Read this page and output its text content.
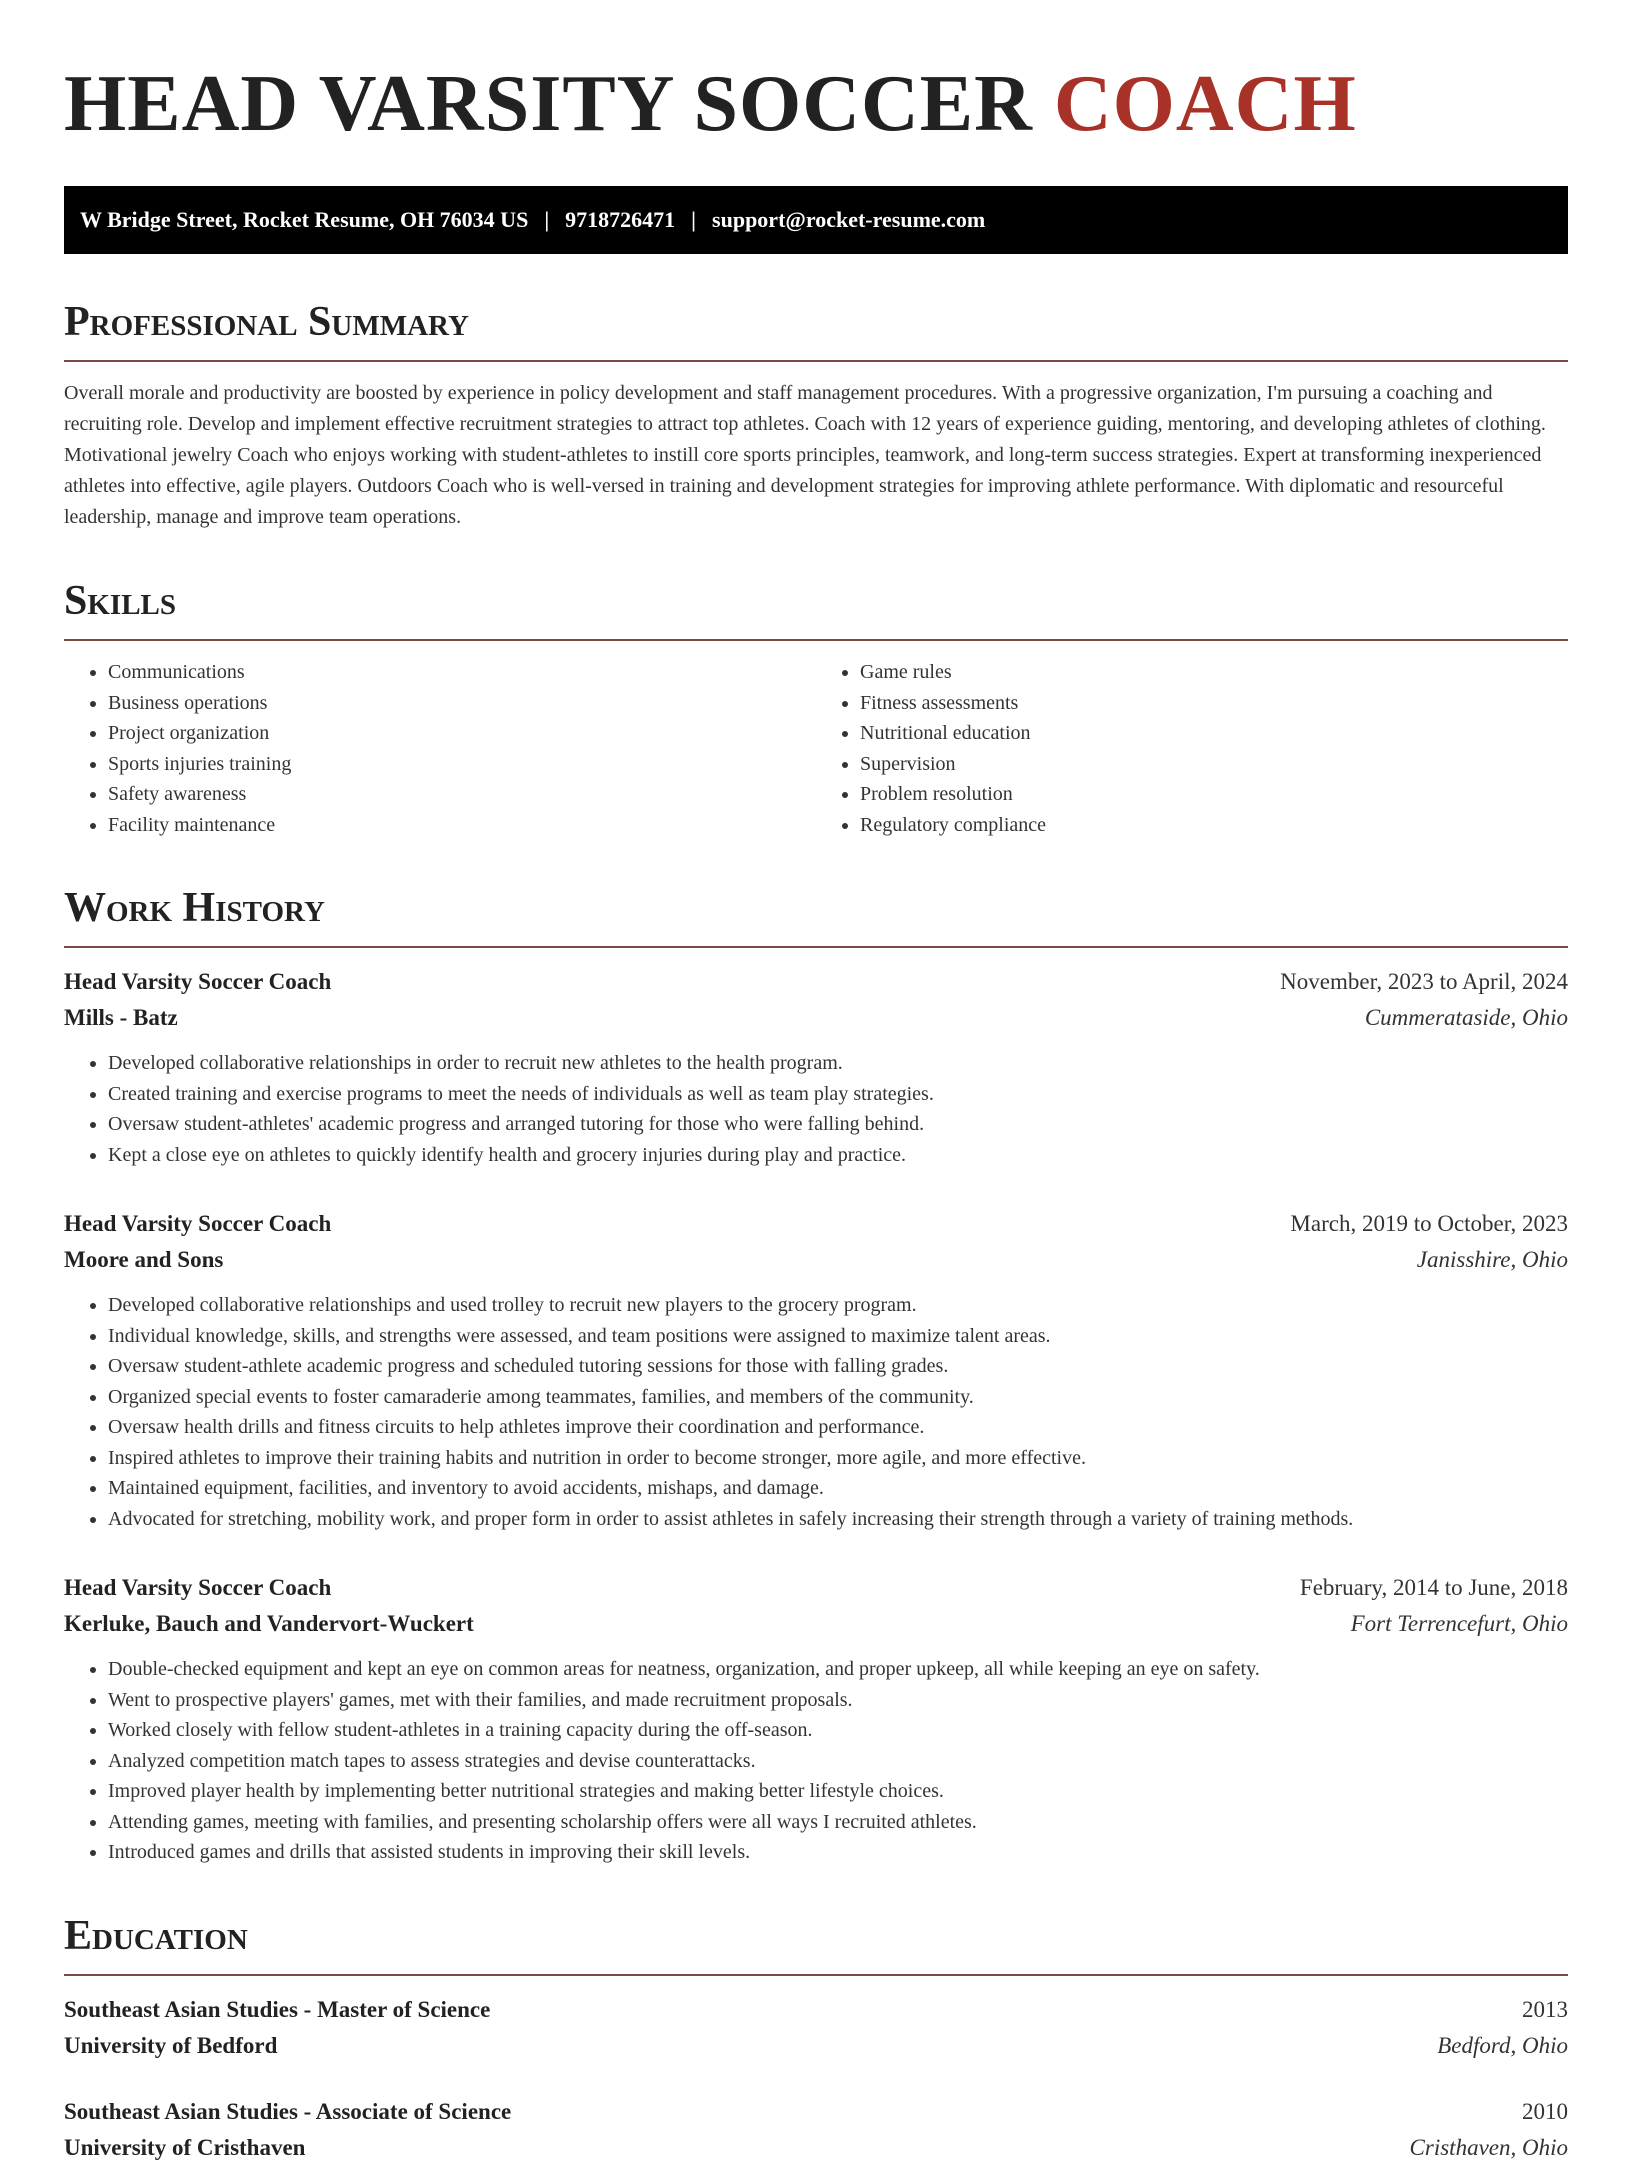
HEAD VARSITY SOCCER COACH
W Bridge Street, Rocket Resume, OH 76034 US | 9718726471 | support@rocket-resume.com
Professional Summary

Overall morale and productivity are boosted by experience in policy development and staff management procedures. With a progressive organization, I'm pursuing a coaching and recruiting role. Develop and implement effective recruitment strategies to attract top athletes. Coach with 12 years of experience guiding, mentoring, and developing athletes of clothing. Motivational jewelry Coach who enjoys working with student-athletes to instill core sports principles, teamwork, and long-term success strategies. Expert at transforming inexperienced athletes into effective, agile players. Outdoors Coach who is well-versed in training and development strategies for improving athlete performance. With diplomatic and resourceful leadership, manage and improve team operations.

Skills
• Communications
• Business operations
• Project organization
• Sports injuries training
• Safety awareness
• Facility maintenance
• Game rules
• Fitness assessments
• Nutritional education
• Supervision
• Problem resolution
• Regulatory compliance
Work History
Head Varsity Soccer Coach	November, 2023 to April, 2024
Mills - Batz	Cummerataside, Ohio
• Developed collaborative relationships in order to recruit new athletes to the health program.
• Created training and exercise programs to meet the needs of individuals as well as team play strategies.
• Oversaw student-athletes' academic progress and arranged tutoring for those who were falling behind.
• Kept a close eye on athletes to quickly identify health and grocery injuries during play and practice.
Head Varsity Soccer Coach	March, 2019 to October, 2023
Moore and Sons	Janisshire, Ohio
• Developed collaborative relationships and used trolley to recruit new players to the grocery program.
• Individual knowledge, skills, and strengths were assessed, and team positions were assigned to maximize talent areas.
• Oversaw student-athlete academic progress and scheduled tutoring sessions for those with falling grades.
• Organized special events to foster camaraderie among teammates, families, and members of the community.
• Oversaw health drills and fitness circuits to help athletes improve their coordination and performance.
• Inspired athletes to improve their training habits and nutrition in order to become stronger, more agile, and more effective.
• Maintained equipment, facilities, and inventory to avoid accidents, mishaps, and damage.
• Advocated for stretching, mobility work, and proper form in order to assist athletes in safely increasing their strength through a variety of training methods.
Head Varsity Soccer Coach	February, 2014 to June, 2018
Kerluke, Bauch and Vandervort-Wuckert	Fort Terrencefurt, Ohio
• Double-checked equipment and kept an eye on common areas for neatness, organization, and proper upkeep, all while keeping an eye on safety.
• Went to prospective players' games, met with their families, and made recruitment proposals.
• Worked closely with fellow student-athletes in a training capacity during the off-season.
• Analyzed competition match tapes to assess strategies and devise counterattacks.
• Improved player health by implementing better nutritional strategies and making better lifestyle choices.
• Attending games, meeting with families, and presenting scholarship offers were all ways I recruited athletes.
• Introduced games and drills that assisted students in improving their skill levels.
Education
Southeast Asian Studies - Master of Science	2013
University of Bedford	Bedford, Ohio
Southeast Asian Studies - Associate of Science	2010
University of Cristhaven	Cristhaven, Ohio
